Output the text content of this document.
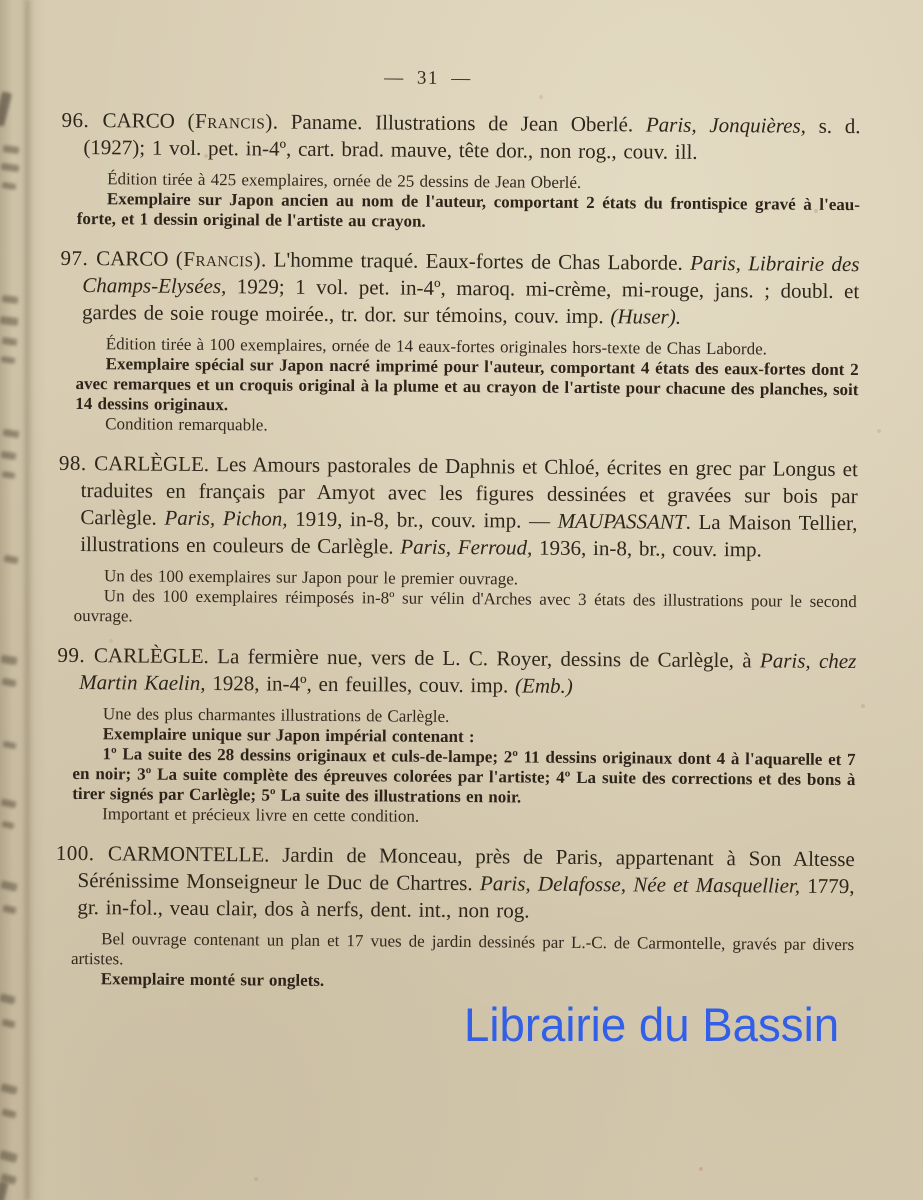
— 31 —

96. CARCO (Francis). Paname. Illustrations de Jean Oberlé. Paris, Jonquières, s. d. (1927); 1 vol. pet. in-4º, cart. brad. mauve, tête dor., non rog., couv. ill.

Édition tirée à 425 exemplaires, ornée de 25 dessins de Jean Oberlé.

Exemplaire sur Japon ancien au nom de l'auteur, comportant 2 états du frontispice gravé à l'eau-forte, et 1 dessin original de l'artiste au crayon.

97. CARCO (Francis). L'homme traqué. Eaux-fortes de Chas Laborde. Paris, Librairie des Champs-Elysées, 1929; 1 vol. pet. in-4º, maroq. mi-crème, mi-rouge, jans. ; doubl. et gardes de soie rouge moirée., tr. dor. sur témoins, couv. imp. (Huser).

Édition tirée à 100 exemplaires, ornée de 14 eaux-fortes originales hors-texte de Chas Laborde.

Exemplaire spécial sur Japon nacré imprimé pour l'auteur, comportant 4 états des eaux-fortes dont 2 avec remarques et un croquis original à la plume et au crayon de l'artiste pour chacune des planches, soit 14 dessins originaux.

Condition remarquable.

98. CARLÈGLE. Les Amours pastorales de Daphnis et Chloé, écrites en grec par Longus et traduites en français par Amyot avec les figures dessinées et gravées sur bois par Carlègle. Paris, Pichon, 1919, in-8, br., couv. imp. — MAUPASSANT. La Maison Tellier, illustrations en couleurs de Carlègle. Paris, Ferroud, 1936, in-8, br., couv. imp.

Un des 100 exemplaires sur Japon pour le premier ouvrage.

Un des 100 exemplaires réimposés in-8º sur vélin d'Arches avec 3 états des illustrations pour le second ouvrage.

99. CARLÈGLE. La fermière nue, vers de L. C. Royer, dessins de Carlègle, à Paris, chez Martin Kaelin, 1928, in-4º, en feuilles, couv. imp. (Emb.)

Une des plus charmantes illustrations de Carlègle.

Exemplaire unique sur Japon impérial contenant :

1º La suite des 28 dessins originaux et culs-de-lampe; 2º 11 dessins originaux dont 4 à l'aquarelle et 7 en noir; 3º La suite complète des épreuves colorées par l'artiste; 4º La suite des corrections et des bons à tirer signés par Carlègle; 5º La suite des illustrations en noir.

Important et précieux livre en cette condition.

100. CARMONTELLE. Jardin de Monceau, près de Paris, appartenant à Son Altesse Sérénissime Monseigneur le Duc de Chartres. Paris, Delafosse, Née et Masquellier, 1779, gr. in-fol., veau clair, dos à nerfs, dent. int., non rog.

Bel ouvrage contenant un plan et 17 vues de jardin dessinés par L.-C. de Carmontelle, gravés par divers artistes.

Exemplaire monté sur onglets.

Librairie du Bassin
